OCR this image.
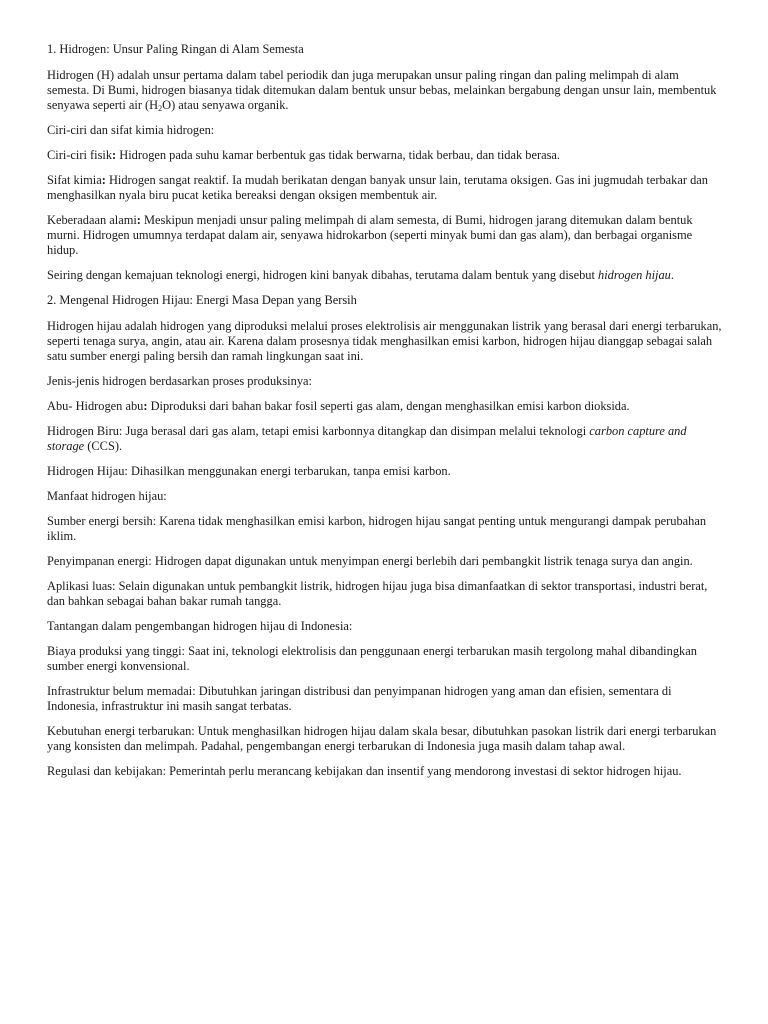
1. Hidrogen: Unsur Paling Ringan di Alam Semesta

Hidrogen (H) adalah unsur pertama dalam tabel periodik dan juga merupakan unsur paling ringan dan paling melimpah di alam semesta. Di Bumi, hidrogen biasanya tidak ditemukan dalam bentuk unsur bebas, melainkan bergabung dengan unsur lain, membentuk senyawa seperti air $(H_2O)$ atau senyawa organik.

Ciri-ciri dan sifat kimia hidrogen:

Ciri-ciri fisik: Hidrogen pada suhu kamar berbentuk gas tidak berwarna, tidak berbau, dan tidak berasa.

Sifat kimia: Hidrogen sangat reaktif. Ia mudah berikatan dengan banyak unsur lain, terutama oksigen. Gas ini jugmudah terbakar dan menghasilkan nyala biru pucat ketika bereaksi dengan oksigen membentuk air.

Keberadaan alami: Meskipun menjadi unsur paling melimpah di alam semesta, di Bumi, hidrogen jarang ditemukan dalam bentuk murni. Hidrogen umumnya terdapat dalam air, senyawa hidrokarbon (seperti minyak bumi dan gas alam), dan berbagai organisme hidup.

Seiring dengan kemajuan teknologi energi, hidrogen kini banyak dibahas, terutama dalam bentuk yang disebut hidrogen hijau.

2. Mengenal Hidrogen Hijau: Energi Masa Depan yang Bersih

Hidrogen hijau adalah hidrogen yang diproduksi melalui proses elektrolisis air menggunakan listrik yang berasal dari energi terbarukan, seperti tenaga surya, angin, atau air. Karena dalam prosesnya tidak menghasilkan emisi karbon, hidrogen hijau dianggap sebagai salah satu sumber energi paling bersih dan ramah lingkungan saat ini.

Jenis-jenis hidrogen berdasarkan proses produksinya:

Abu- Hidrogen abu: Diproduksi dari bahan bakar fosil seperti gas alam, dengan menghasilkan emisi karbon dioksida.

Hidrogen Biru: Juga berasal dari gas alam, tetapi emisi karbonnya ditangkap dan disimpan melalui teknologi carbon capture and storage (CCS).

Hidrogen Hijau: Dihasilkan menggunakan energi terbarukan, tanpa emisi karbon.

Manfaat hidrogen hijau:

Sumber energi bersih: Karena tidak menghasilkan emisi karbon, hidrogen hijau sangat penting untuk mengurangi dampak perubahan iklim.

Penyimpanan energi: Hidrogen dapat digunakan untuk menyimpan energi berlebih dari pembangkit listrik tenaga surya dan angin.

Aplikasi luas: Selain digunakan untuk pembangkit listrik, hidrogen hijau juga bisa dimanfaatkan di sektor transportasi, industri berat, dan bahkan sebagai bahan bakar rumah tangga.

Tantangan dalam pengembangan hidrogen hijau di Indonesia:

Biaya produksi yang tinggi: Saat ini, teknologi elektrolisis dan penggunaan energi terbarukan masih tergolong mahal dibandingkan sumber energi konvensional.

Infrastruktur belum memadai: Dibutuhkan jaringan distribusi dan penyimpanan hidrogen yang aman dan efisien, sementara di Indonesia, infrastruktur ini masih sangat terbatas.

Kebutuhan energi terbarukan: Untuk menghasilkan hidrogen hijau dalam skala besar, dibutuhkan pasokan listrik dari energi terbarukan yang konsisten dan melimpah. Padahal, pengembangan energi terbarukan di Indonesia juga masih dalam tahap awal.

Regulasi dan kebijakan: Pemerintah perlu merancang kebijakan dan insentif yang mendorong investasi di sektor hidrogen hijau.
